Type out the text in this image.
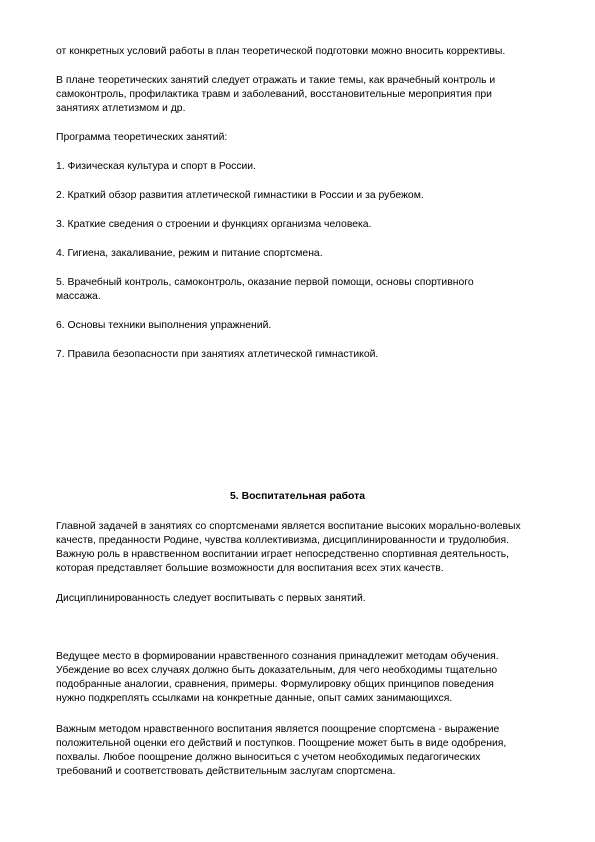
от конкретных условий работы в план теоретической подготовки можно вносить коррективы.

В плане теоретических занятий следует отражать и такие темы, как врачебный контроль и
самоконтроль, профилактика травм и заболеваний, восстановительные мероприятия при
занятиях атлетизмом и др.

Программа теоретических занятий:

1. Физическая культура и спорт в России.

2. Краткий обзор развития атлетической гимнастики в России и за рубежом.

3. Краткие сведения о строении и функциях организма человека.

4. Гигиена, закаливание, режим и питание спортсмена.

5. Врачебный контроль, самоконтроль, оказание первой помощи, основы спортивного
массажа.

6. Основы техники выполнения упражнений.

7. Правила безопасности при занятиях атлетической гимнастикой.

5. Воспитательная работа

Главной задачей в занятиях со спортсменами является воспитание высоких морально-волевых
качеств, преданности Родине, чувства коллективизма, дисциплинированности и трудолюбия.
Важную роль в нравственном воспитании играет непосредственно спортивная деятельность,
которая представляет большие возможности для воспитания всех этих качеств.

Дисциплинированность следует воспитывать с первых занятий.

Ведущее место в формировании нравственного сознания принадлежит методам обучения.
Убеждение во всех случаях должно быть доказательным, для чего необходимы тщательно
подобранные аналогии, сравнения, примеры. Формулировку общих принципов поведения
нужно подкреплять ссылками на конкретные данные, опыт самих занимающихся.

Важным методом нравственного воспитания является поощрение спортсмена - выражение
положительной оценки его действий и поступков. Поощрение может быть в виде одобрения,
похвалы. Любое поощрение должно выноситься с учетом необходимых педагогических
требований и соответствовать действительным заслугам спортсмена.
